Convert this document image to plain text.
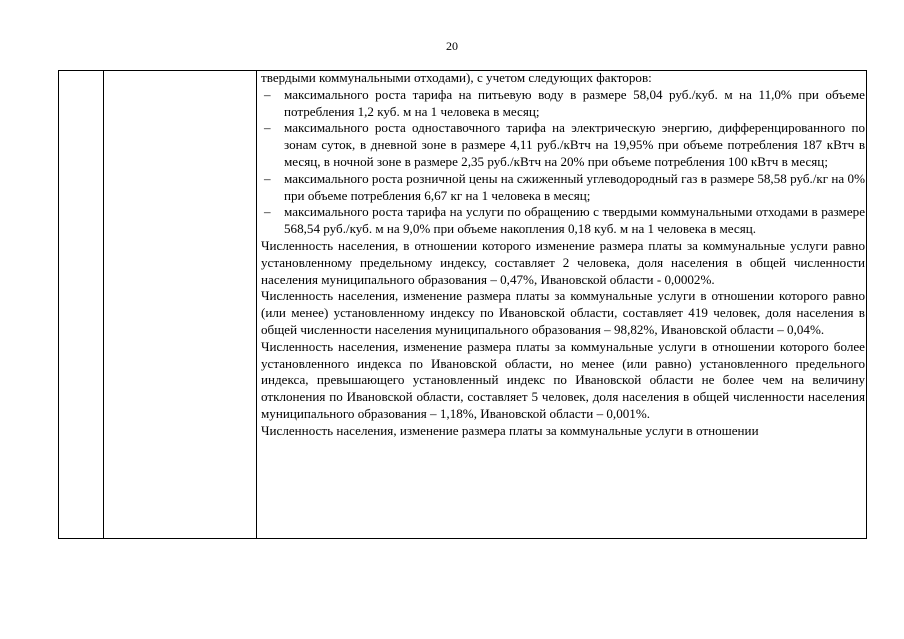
20

твердыми коммунальными отходами), с учетом следующих факторов:

–	максимального роста тарифа на питьевую воду в размере 58,04 руб./куб. м на 11,0% при объеме потребления 1,2 куб. м на 1 человека в месяц;
–	максимального роста одноставочного тарифа на электрическую энергию, дифференцированного по зонам суток, в дневной зоне в размере 4,11 руб./кВтч на 19,95% при объеме потребления 187 кВтч в месяц, в ночной зоне в размере 2,35 руб./кВтч на 20% при объеме потребления 100 кВтч в месяц;
–	максимального роста розничной цены на сжиженный углеводородный газ в размере 58,58 руб./кг на 0% при объеме потребления 6,67 кг на 1 человека в месяц;
–	максимального роста тарифа на услуги по обращению с твердыми коммунальными отходами в размере 568,54 руб./куб. м на 9,0% при объеме накопления 0,18 куб. м на 1 человека в месяц.

Численность населения, в отношении которого изменение размера платы за коммунальные услуги равно установленному предельному индексу, составляет 2 человека, доля населения в общей численности населения муниципального образования – 0,47%, Ивановской области - 0,0002%.

Численность населения, изменение размера платы за коммунальные услуги в отношении которого равно (или менее) установленному индексу по Ивановской области, составляет 419 человек, доля населения в общей численности населения муниципального образования – 98,82%, Ивановской области – 0,04%.

Численность населения, изменение размера платы за коммунальные услуги в отношении которого более установленного индекса по Ивановской области, но менее (или равно) установленного предельного индекса, превышающего установленный индекс по Ивановской области не более чем на величину отклонения по Ивановской области, составляет 5 человек, доля населения в общей численности населения муниципального образования – 1,18%, Ивановской области – 0,001%.

Численность населения, изменение размера платы за коммунальные услуги в отношении
